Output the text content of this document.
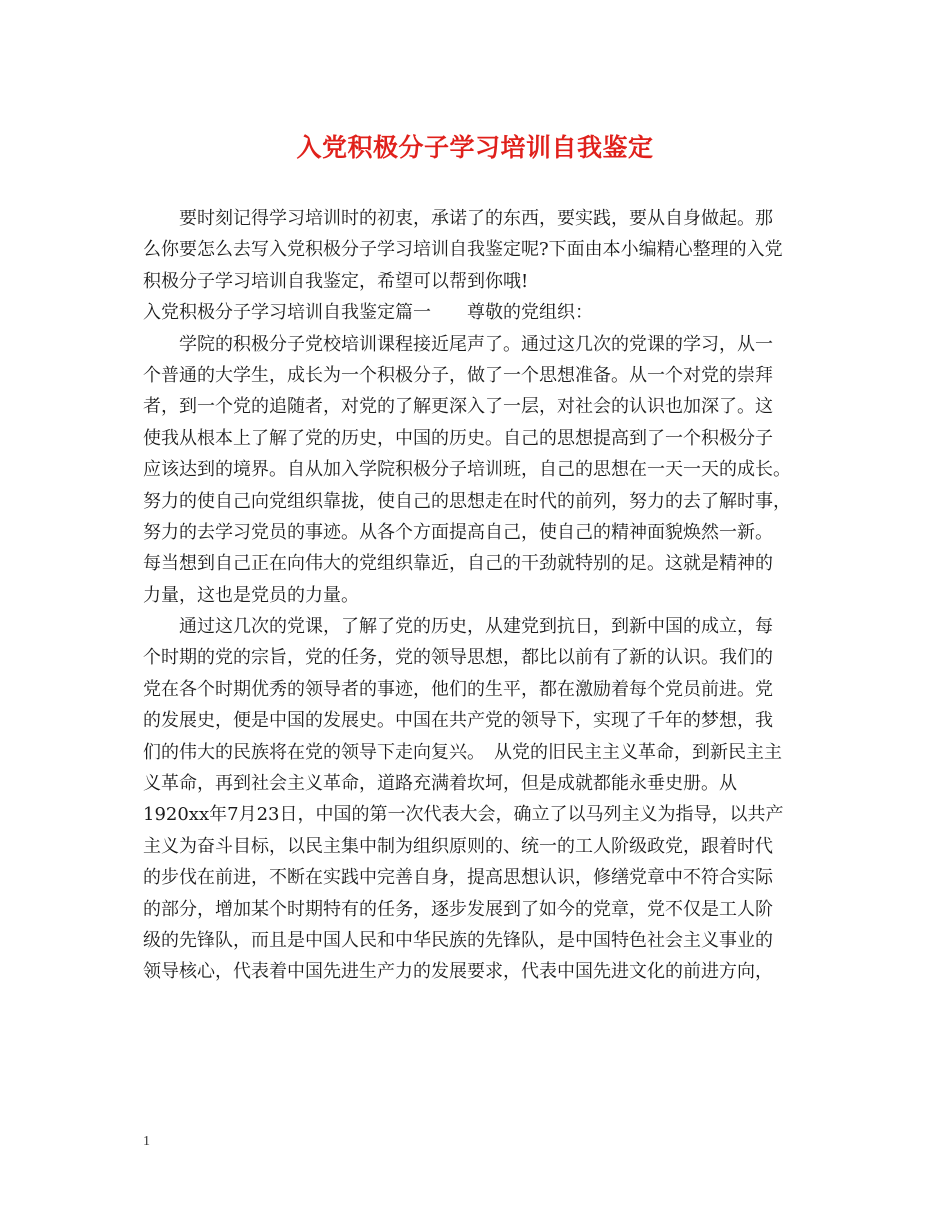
入党积极分子学习培训自我鉴定
要时刻记得学习培训时的初衷，承诺了的东西，要实践，要从自身做起。那
么你要怎么去写入党积极分子学习培训自我鉴定呢?下面由本小编精心整理的入党
积极分子学习培训自我鉴定，希望可以帮到你哦!
入党积极分子学习培训自我鉴定篇一　　尊敬的党组织：
学院的积极分子党校培训课程接近尾声了。通过这几次的党课的学习，从一
个普通的大学生，成长为一个积极分子，做了一个思想准备。从一个对党的崇拜
者，到一个党的追随者，对党的了解更深入了一层，对社会的认识也加深了。这
使我从根本上了解了党的历史，中国的历史。自己的思想提高到了一个积极分子
应该达到的境界。自从加入学院积极分子培训班，自己的思想在一天一天的成长。
努力的使自己向党组织靠拢，使自己的思想走在时代的前列，努力的去了解时事，
努力的去学习党员的事迹。从各个方面提高自己，使自己的精神面貌焕然一新。
每当想到自己正在向伟大的党组织靠近，自己的干劲就特别的足。这就是精神的
力量，这也是党员的力量。
通过这几次的党课，了解了党的历史，从建党到抗日，到新中国的成立，每
个时期的党的宗旨，党的任务，党的领导思想，都比以前有了新的认识。我们的
党在各个时期优秀的领导者的事迹，他们的生平，都在激励着每个党员前进。党
的发展史，便是中国的发展史。中国在共产党的领导下，实现了千年的梦想，我
们的伟大的民族将在党的领导下走向复兴。　从党的旧民主主义革命，到新民主主
义革命，再到社会主义革命，道路充满着坎坷，但是成就都能永垂史册。从
1920xx年7月23日，中国的第一次代表大会，确立了以马列主义为指导，以共产
主义为奋斗目标，以民主集中制为组织原则的、统一的工人阶级政党，跟着时代
的步伐在前进，不断在实践中完善自身，提高思想认识，修缮党章中不符合实际
的部分，增加某个时期特有的任务，逐步发展到了如今的党章，党不仅是工人阶
级的先锋队，而且是中国人民和中华民族的先锋队，是中国特色社会主义事业的
领导核心，代表着中国先进生产力的发展要求，代表中国先进文化的前进方向，
1
